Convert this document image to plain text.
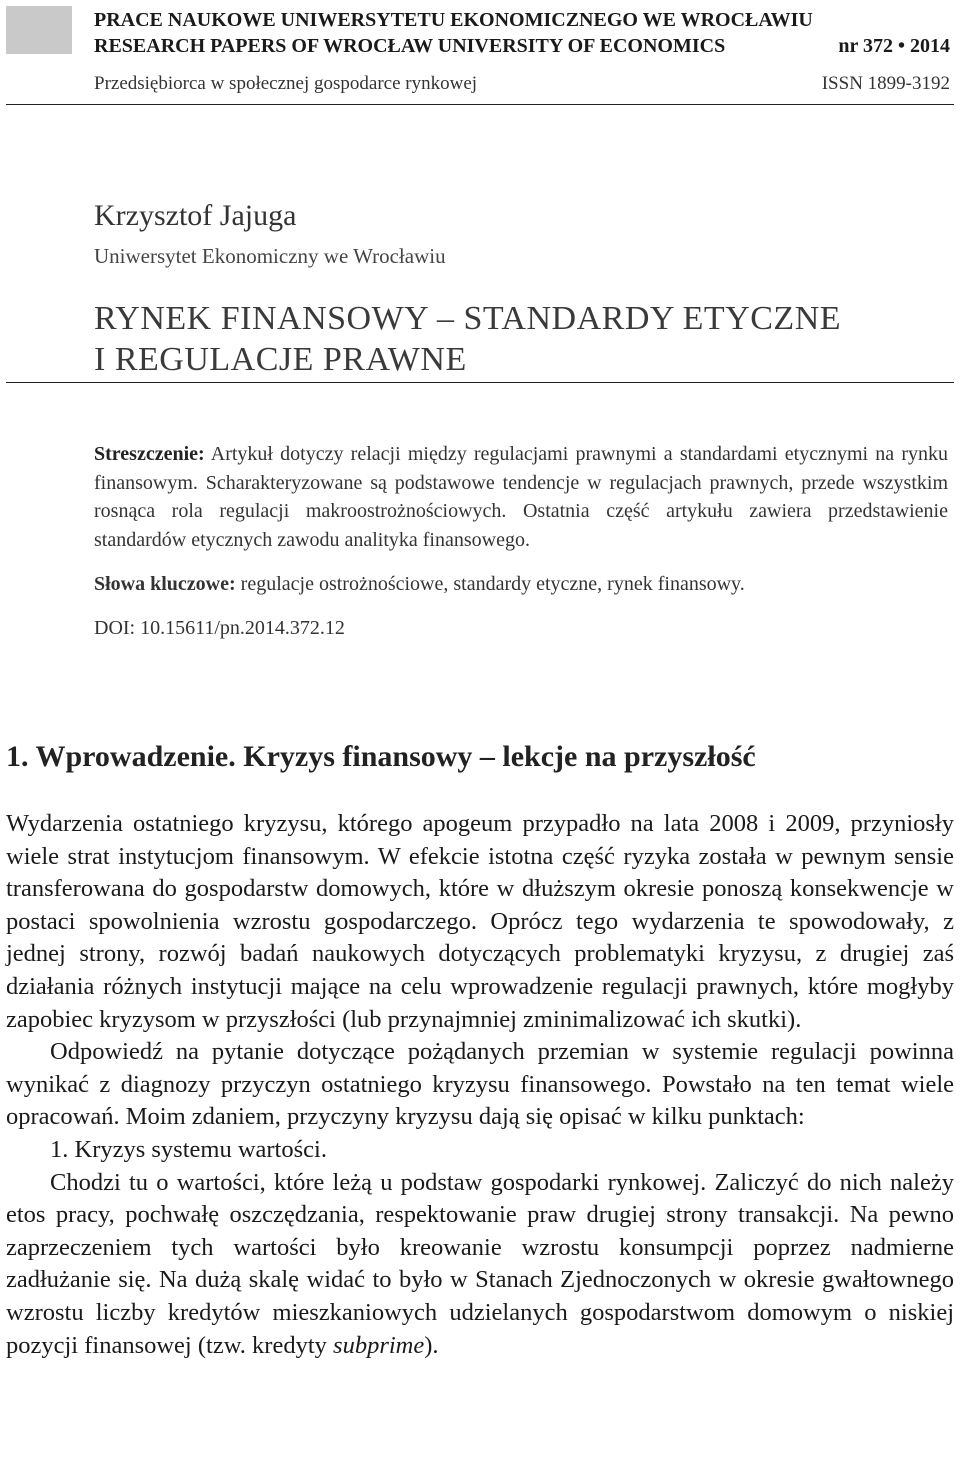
PRACE NAUKOWE UNIWERSYTETU EKONOMICZNEGO WE WROCŁAWIU
RESEARCH PAPERS OF WROCŁAW UNIVERSITY OF ECONOMICS	nr 372 • 2014
Przedsiębiorca w społecznej gospodarce rynkowej	ISSN 1899-3192
Krzysztof Jajuga
Uniwersytet Ekonomiczny we Wrocławiu
RYNEK FINANSOWY – STANDARDY ETYCZNE
I REGULACJE PRAWNE
Streszczenie: Artykuł dotyczy relacji między regulacjami prawnymi a standardami etycznymi na rynku finansowym. Scharakteryzowane są podstawowe tendencje w regulacjach prawnych, przede wszystkim rosnąca rola regulacji makroostrożnościowych. Ostatnia część artykułu zawiera przedstawienie standardów etycznych zawodu analityka finansowego.
Słowa kluczowe: regulacje ostrożnościowe, standardy etyczne, rynek finansowy.
DOI: 10.15611/pn.2014.372.12
1. Wprowadzenie. Kryzys finansowy – lekcje na przyszłość

Wydarzenia ostatniego kryzysu, którego apogeum przypadło na lata 2008 i 2009, przyniosły wiele strat instytucjom finansowym. W efekcie istotna część ryzyka została w pewnym sensie transferowana do gospodarstw domowych, które w dłuższym okresie ponoszą konsekwencje w postaci spowolnienia wzrostu gospodarczego. Oprócz tego wydarzenia te spowodowały, z jednej strony, rozwój badań naukowych dotyczących problematyki kryzysu, z drugiej zaś działania różnych instytucji mające na celu wprowadzenie regulacji prawnych, które mogłyby zapobiec kryzysom w przyszłości (lub przynajmniej zminimalizować ich skutki).

Odpowiedź na pytanie dotyczące pożądanych przemian w systemie regulacji powinna wynikać z diagnozy przyczyn ostatniego kryzysu finansowego. Powstało na ten temat wiele opracowań. Moim zdaniem, przyczyny kryzysu dają się opisać w kilku punktach:

1. Kryzys systemu wartości.

Chodzi tu o wartości, które leżą u podstaw gospodarki rynkowej. Zaliczyć do nich należy etos pracy, pochwałę oszczędzania, respektowanie praw drugiej strony transakcji. Na pewno zaprzeczeniem tych wartości było kreowanie wzrostu konsumpcji poprzez nadmierne zadłużanie się. Na dużą skalę widać to było w Stanach Zjednoczonych w okresie gwałtownego wzrostu liczby kredytów mieszkaniowych udzielanych gospodarstwom domowym o niskiej pozycji finansowej (tzw. kredyty subprime).
